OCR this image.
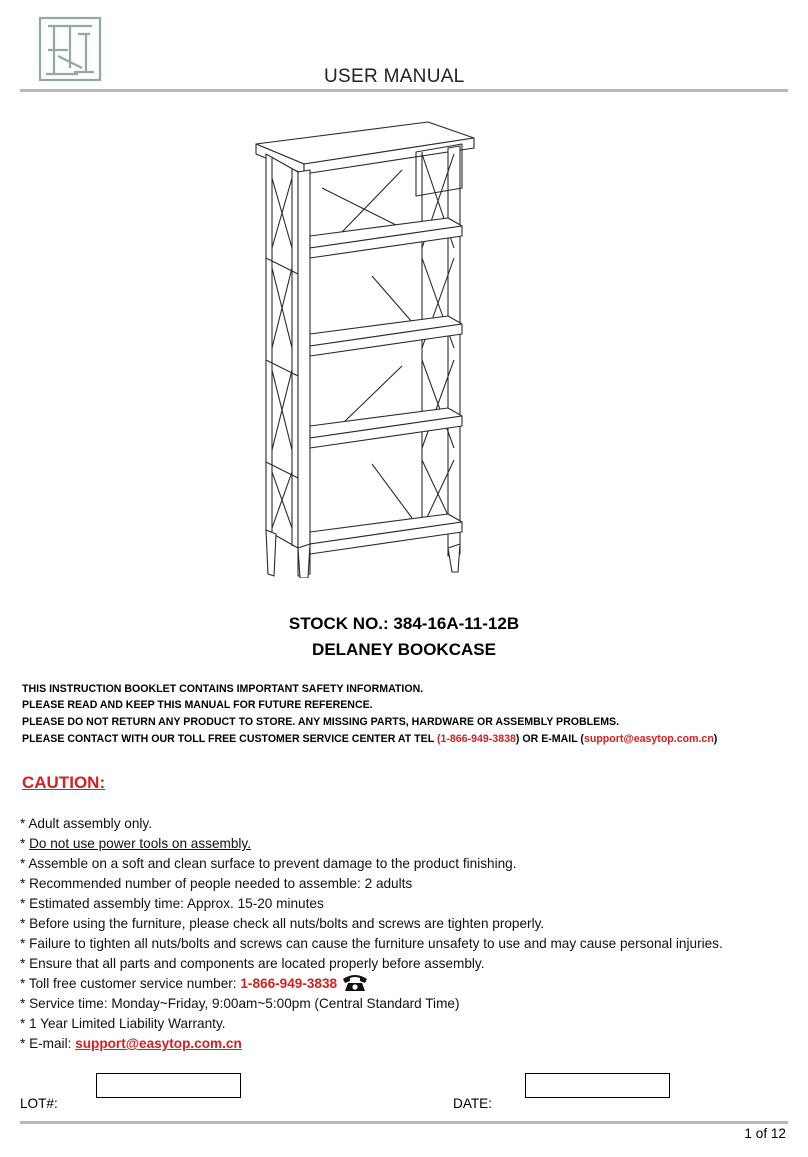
USER MANUAL
STOCK NO.: 384-16A-11-12B
DELANEY BOOKCASE
THIS INSTRUCTION BOOKLET CONTAINS IMPORTANT SAFETY INFORMATION.
PLEASE READ AND KEEP THIS MANUAL FOR FUTURE REFERENCE.
PLEASE DO NOT RETURN ANY PRODUCT TO STORE. ANY MISSING PARTS, HARDWARE OR ASSEMBLY PROBLEMS.
PLEASE CONTACT WITH OUR TOLL FREE CUSTOMER SERVICE CENTER AT TEL (1-866-949-3838) OR E-MAIL (support@easytop.com.cn)
CAUTION:
* Adult assembly only.
* Do not use power tools on assembly.
* Assemble on a soft and clean surface to prevent damage to the product finishing.
* Recommended number of people needed to assemble: 2 adults
* Estimated assembly time: Approx. 15-20 minutes
* Before using the furniture, please check all nuts/bolts and screws are tighten properly.
* Failure to tighten all nuts/bolts and screws can cause the furniture unsafety to use and may cause personal injuries.
* Ensure that all parts and components are located properly before assembly.
* Toll free customer service number: 1-866-949-3838
* Service time: Monday~Friday, 9:00am~5:00pm (Central Standard Time)
* 1 Year Limited Liability Warranty.
* E-mail: support@easytop.com.cn
LOT#:	DATE:
1 of 12
